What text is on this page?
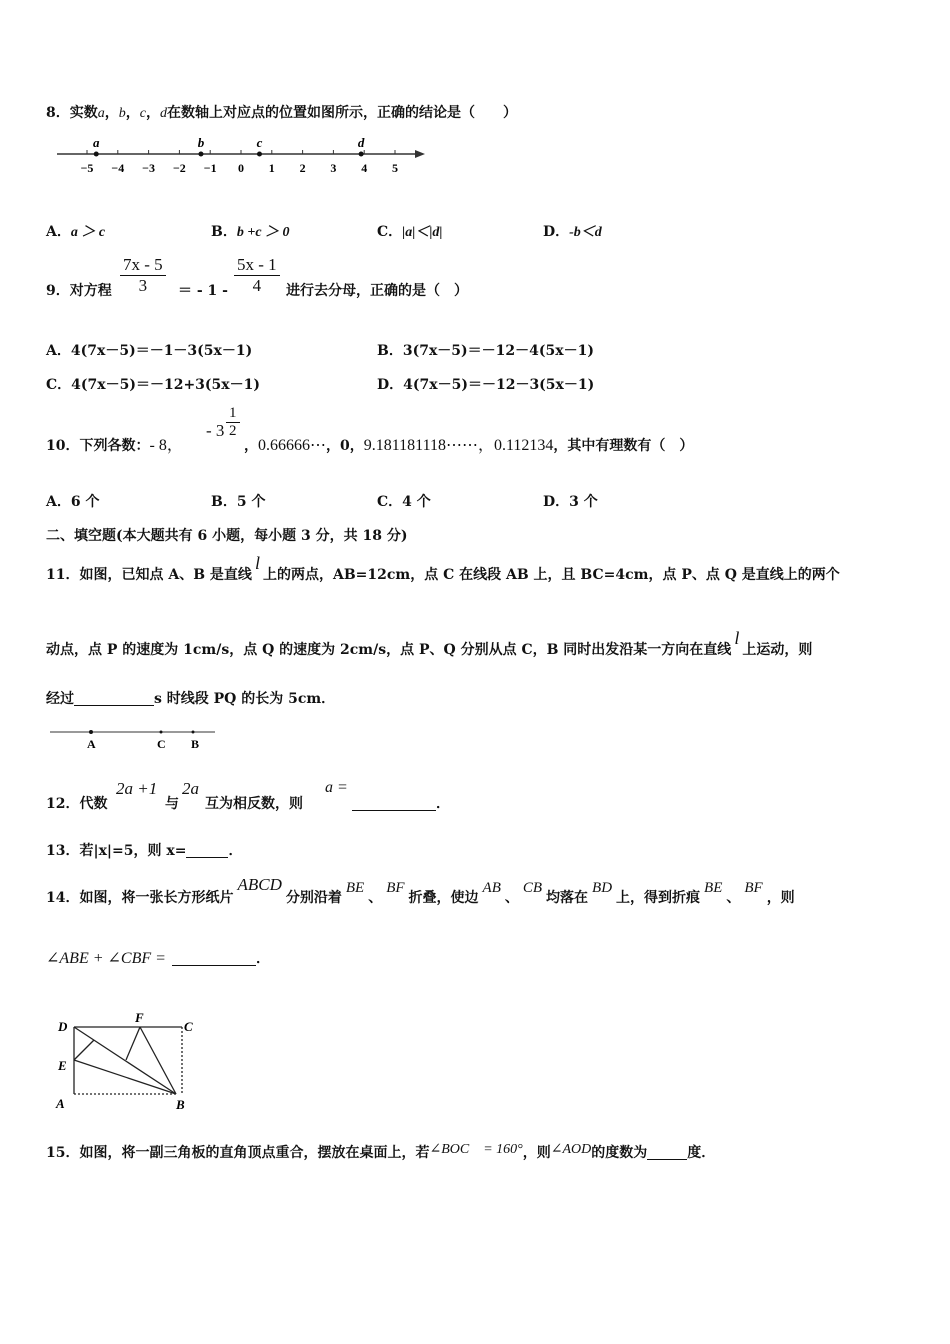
8．实数a，b，c，d在数轴上对应点的位置如图所示，正确的结论是（　　）
−5 −4 −3 −2 −1 0 1 2 3 4 5
a	b	c	d
A．a ＞ c	B．b +c ＞ 0	C．|a|＜|d|	D．-b＜d
9．对方程 $\frac{7x - 5}{3}$ ＝ - $1 - \frac{5x - 1}{4}$ 进行去分母，正确的是（　）
A．4(7x－5)＝－1－3(5x－1)	B．3(7x－5)＝－12－4(5x－1)
C．4(7x－5)＝－12+3(5x－1)	D．4(7x－5)＝－12－3(5x－1)
10．下列各数：- 8，
- $3 \frac{1}{2}$
，0.66666⋯，0，9.181181118⋯⋯，0.112134，其中有理数有（　）
A．6 个	B．5 个	C．4 个	D．3 个
二、填空题(本大题共有 6 小题，每小题 3 分，共 18 分)
11．如图，已知点 A、B 是直线l上的两点，AB=12cm，点 C 在线段 AB 上，且 BC=4cm，点 P、点 Q 是直线上的两个
动点，点 P 的速度为 1cm/s，点 Q 的速度为 2cm/s，点 P、Q 分别从点 C，B 同时出发沿某一方向在直线l上运动，则
经过	s 时线段 PQ 的长为 5cm．
A	C B
12．代数
2a +1
与
2a
互为相反数，则
a =
．
13．若|x|=5，则 x=	．
14．如图，将一张长方形纸片ABCD分别沿着BE、BF折叠，使边AB、CB均落在BD上，得到折痕BE、BF，则
∠ABE + ∠CBF =	．
D
F
C
E
A	B
15．如图，将一副三角板的直角顶点重合，摆放在桌面上，若∠BOC　= 160°，则∠AOD的度数为	度．
